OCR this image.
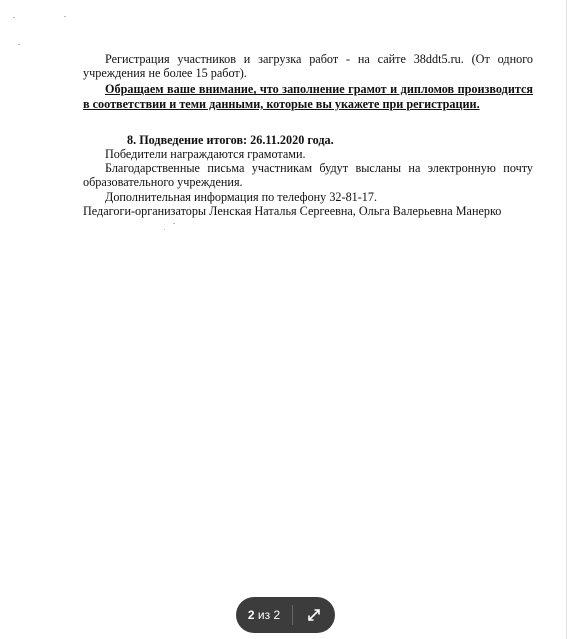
Регистрация участников и загрузка работ - на сайте 38ddt5.ru. (От одного учреждения не более 15 работ).

Обращаем ваше внимание, что заполнение грамот и дипломов производится в соответствии и теми данными, которые вы укажете при регистрации.

8. Подведение итогов: 26.11.2020 года.

Победители награждаются грамотами.

Благодарственные письма участникам будут высланы на электронную почту образовательного учреждения.

Дополнительная информация по телефону 32-81-17.

Педагоги-организаторы Ленская Наталья Сергеевна, Ольга Валерьевна Манерко

2 из 2
